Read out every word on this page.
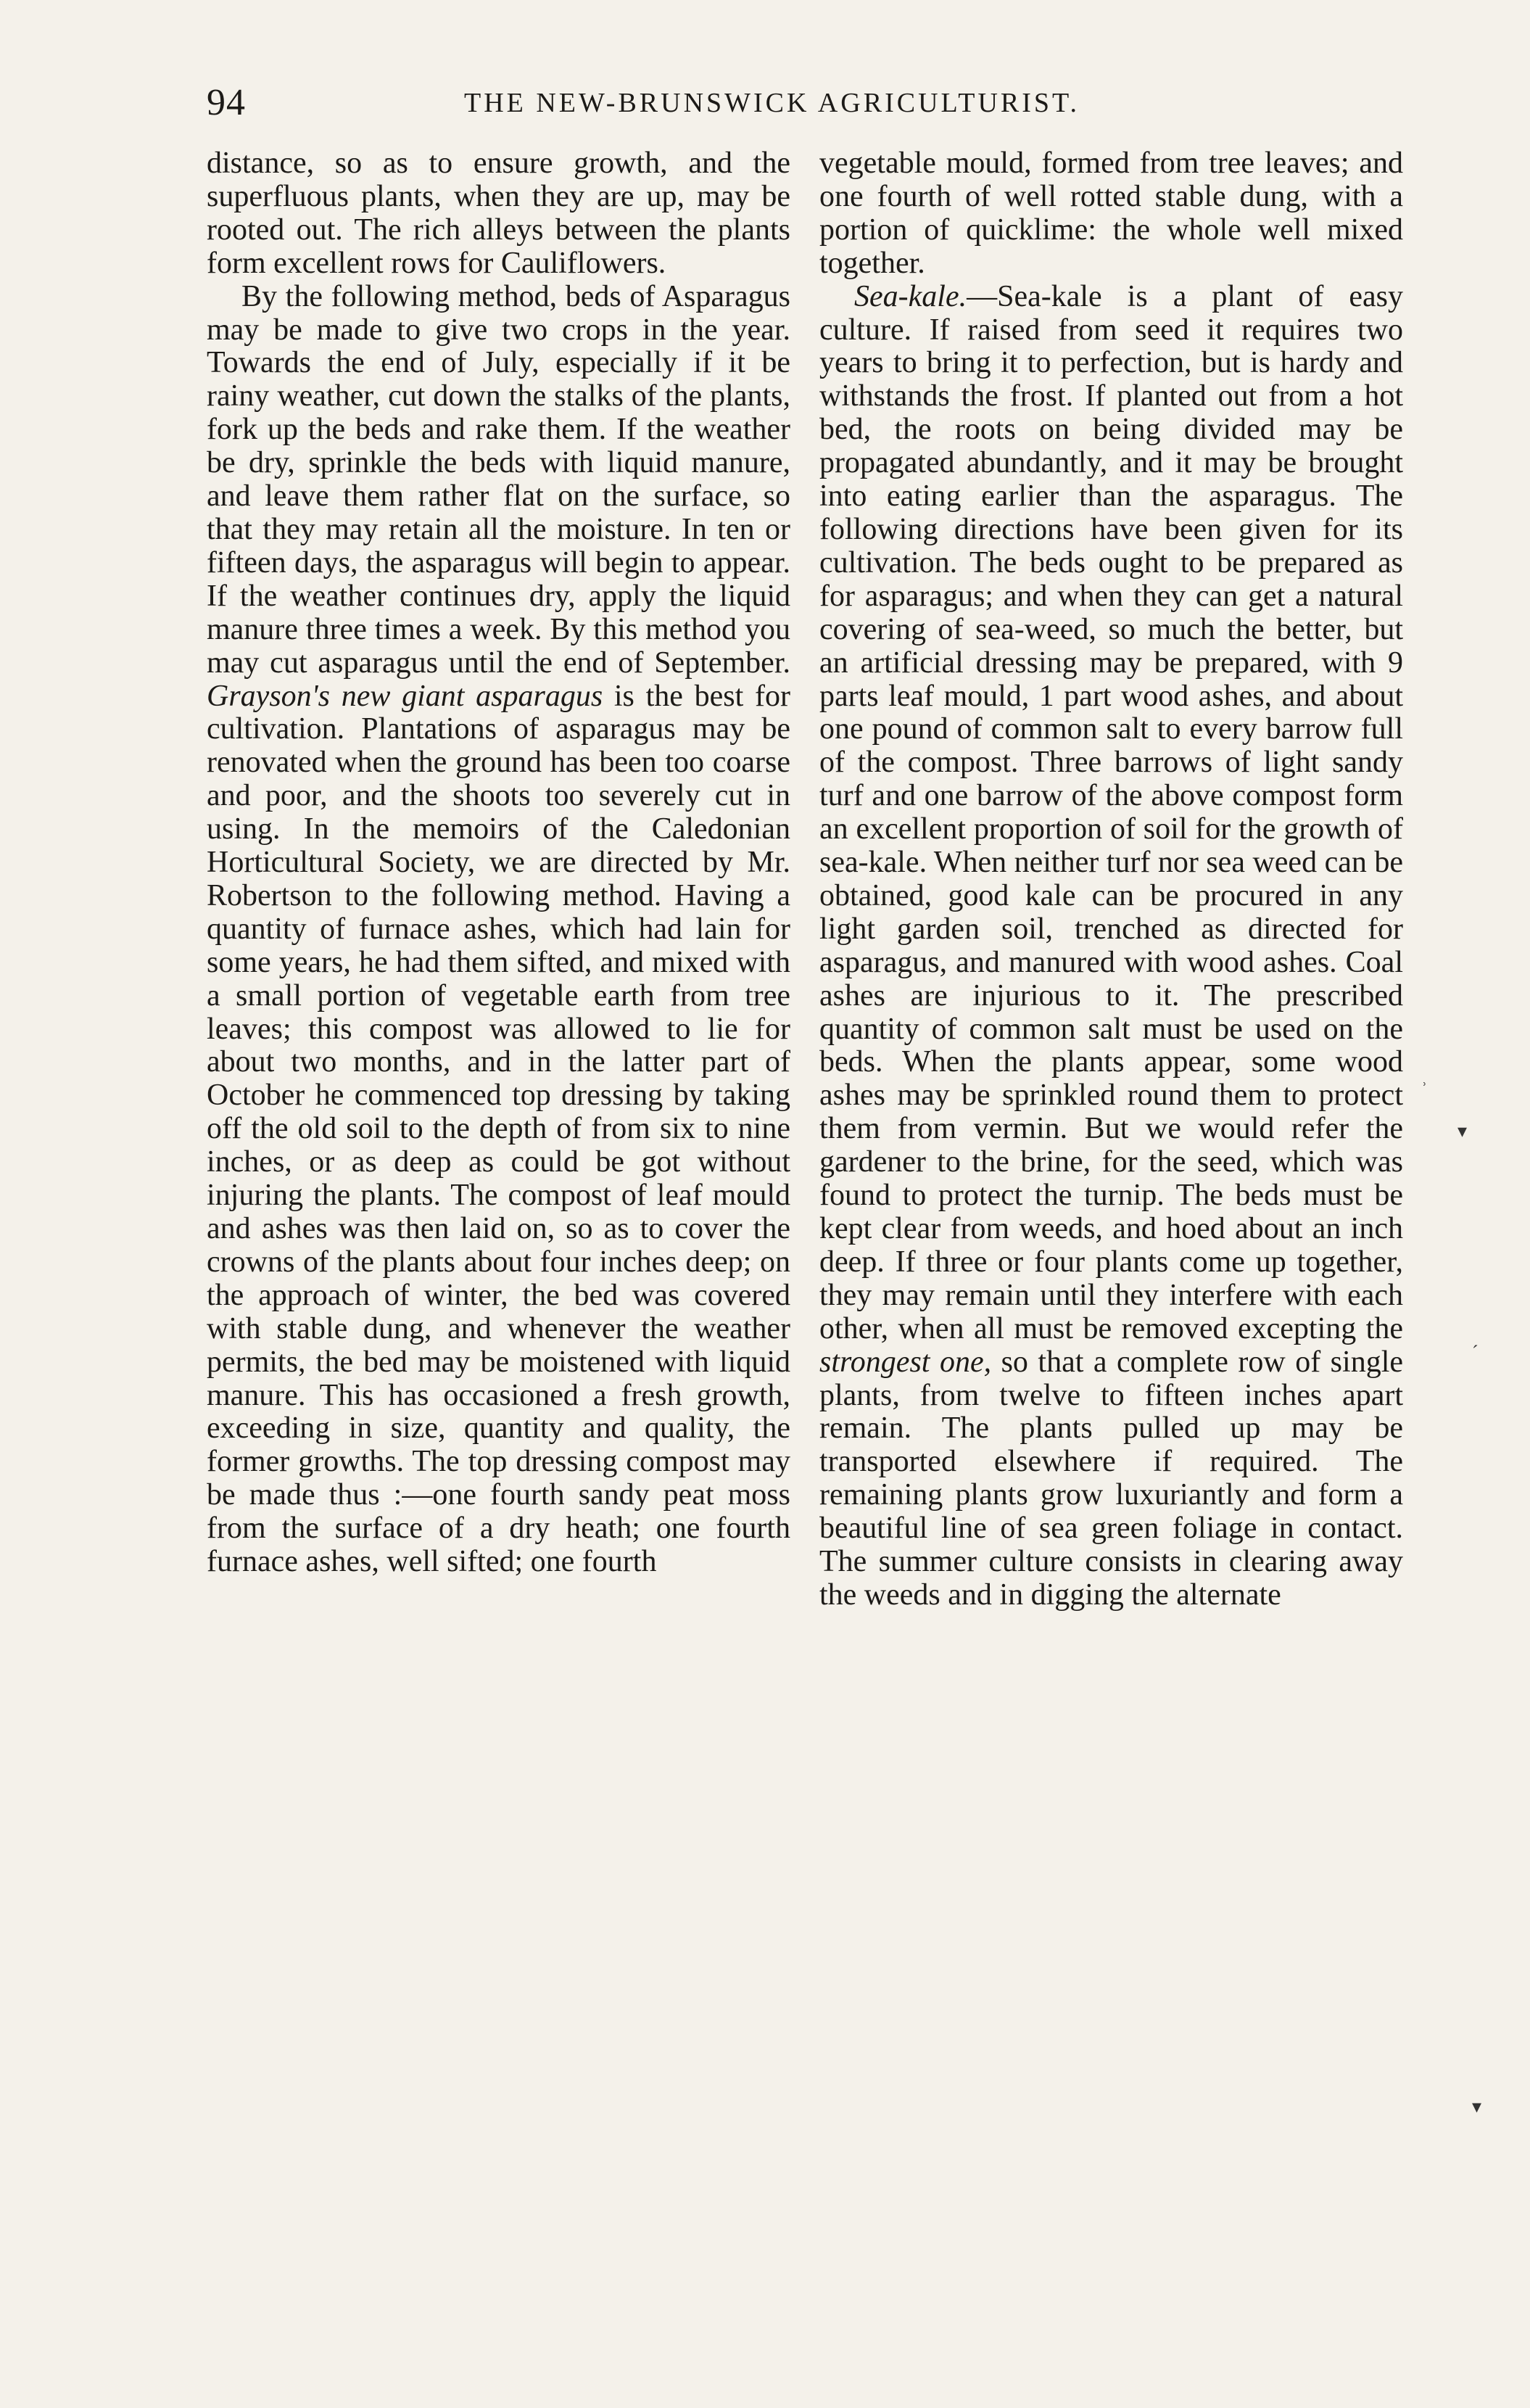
94	THE NEW-BRUNSWICK AGRICULTURIST.

distance, so as to ensure growth, and the superfluous plants, when they are up, may be rooted out. The rich alleys between the plants form excellent rows for Cauliflowers.

By the following method, beds of Asparagus may be made to give two crops in the year. Towards the end of July, especially if it be rainy weather, cut down the stalks of the plants, fork up the beds and rake them. If the weather be dry, sprinkle the beds with liquid manure, and leave them rather flat on the surface, so that they may retain all the moisture. In ten or fifteen days, the asparagus will begin to appear. If the weather continues dry, apply the liquid manure three times a week. By this method you may cut asparagus until the end of September. Grayson's new giant asparagus is the best for cultivation. Plantations of asparagus may be renovated when the ground has been too coarse and poor, and the shoots too severely cut in using. In the memoirs of the Caledonian Horticultural Society, we are directed by Mr. Robertson to the following method. Having a quantity of furnace ashes, which had lain for some years, he had them sifted, and mixed with a small portion of vegetable earth from tree leaves; this compost was allowed to lie for about two months, and in the latter part of October he commenced top dressing by taking off the old soil to the depth of from six to nine inches, or as deep as could be got without injuring the plants. The compost of leaf mould and ashes was then laid on, so as to cover the crowns of the plants about four inches deep; on the approach of winter, the bed was covered with stable dung, and whenever the weather permits, the bed may be moistened with liquid manure. This has occasioned a fresh growth, exceeding in size, quantity and quality, the former growths. The top dressing compost may be made thus :—one fourth sandy peat moss from the surface of a dry heath; one fourth furnace ashes, well sifted; one fourth

vegetable mould, formed from tree leaves; and one fourth of well rotted stable dung, with a portion of quicklime: the whole well mixed together.

Sea-kale.—Sea-kale is a plant of easy culture. If raised from seed it requires two years to bring it to perfection, but is hardy and withstands the frost. If planted out from a hot bed, the roots on being divided may be propagated abundantly, and it may be brought into eating earlier than the asparagus. The following directions have been given for its cultivation. The beds ought to be prepared as for asparagus; and when they can get a natural covering of sea-weed, so much the better, but an artificial dressing may be prepared, with 9 parts leaf mould, 1 part wood ashes, and about one pound of common salt to every barrow full of the compost. Three barrows of light sandy turf and one barrow of the above compost form an excellent proportion of soil for the growth of sea-kale. When neither turf nor sea weed can be obtained, good kale can be procured in any light garden soil, trenched as directed for asparagus, and manured with wood ashes. Coal ashes are injurious to it. The prescribed quantity of common salt must be used on the beds. When the plants appear, some wood ashes may be sprinkled round them to protect them from vermin. But we would refer the gardener to the brine, for the seed, which was found to protect the turnip. The beds must be kept clear from weeds, and hoed about an inch deep. If three or four plants come up together, they may remain until they interfere with each other, when all must be removed excepting the strongest one, so that a complete row of single plants, from twelve to fifteen inches apart remain. The plants pulled up may be transported elsewhere if required. The remaining plants grow luxuriantly and form a beautiful line of sea green foliage in contact. The summer culture consists in clearing away the weeds and in digging the alternate

˒
▾
ˊ
▾
